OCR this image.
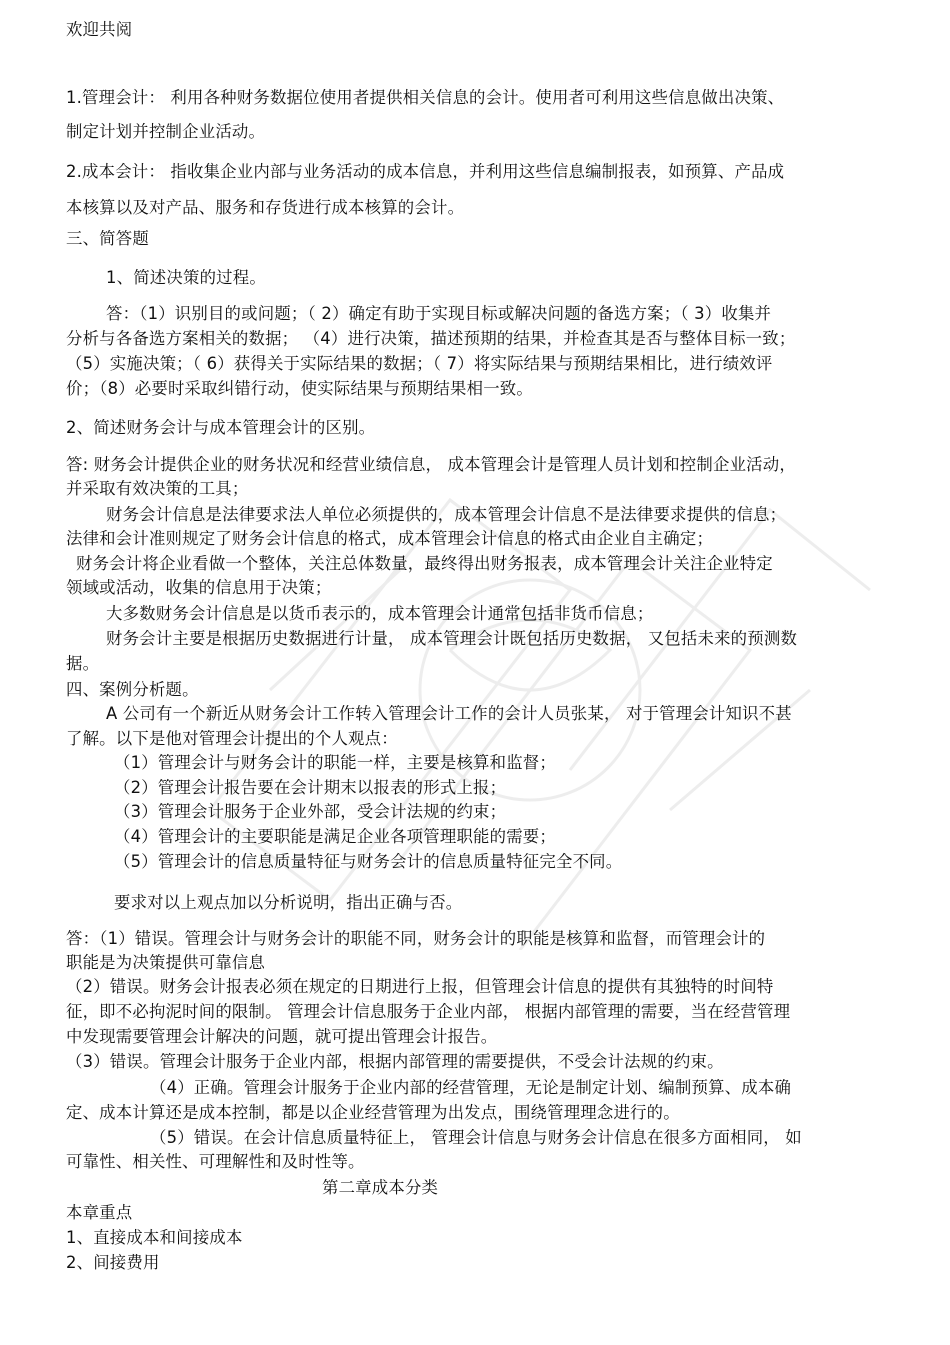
欢迎共阅
1.管理会计： 利用各种财务数据位使用者提供相关信息的会计。使用者可利用这些信息做出决策、
制定计划并控制企业活动。
2.成本会计： 指收集企业内部与业务活动的成本信息，并利用这些信息编制报表，如预算、产品成
本核算以及对产品、服务和存货进行成本核算的会计。
三、简答题
1、简述决策的过程。
答：（1）识别目的或问题；（ 2）确定有助于实现目标或解决问题的备选方案；（ 3）收集并
分析与各备选方案相关的数据； （4）进行决策，描述预期的结果，并检查其是否与整体目标一致；
（5）实施决策；（ 6）获得关于实际结果的数据；（ 7）将实际结果与预期结果相比，进行绩效评
价；（8）必要时采取纠错行动，使实际结果与预期结果相一致。
2、简述财务会计与成本管理会计的区别。
答: 财务会计提供企业的财务状况和经营业绩信息， 成本管理会计是管理人员计划和控制企业活动，
并采取有效决策的工具；
财务会计信息是法律要求法人单位必须提供的，成本管理会计信息不是法律要求提供的信息；
法律和会计准则规定了财务会计信息的格式，成本管理会计信息的格式由企业自主确定；
财务会计将企业看做一个整体，关注总体数量，最终得出财务报表，成本管理会计关注企业特定
领域或活动，收集的信息用于决策；
大多数财务会计信息是以货币表示的，成本管理会计通常包括非货币信息；
财务会计主要是根据历史数据进行计量， 成本管理会计既包括历史数据， 又包括未来的预测数
据。
四、案例分析题。
A 公司有一个新近从财务会计工作转入管理会计工作的会计人员张某， 对于管理会计知识不甚
了解。以下是他对管理会计提出的个人观点：
（1）管理会计与财务会计的职能一样，主要是核算和监督；
（2）管理会计报告要在会计期末以报表的形式上报；
（3）管理会计服务于企业外部，受会计法规的约束；
（4）管理会计的主要职能是满足企业各项管理职能的需要；
（5）管理会计的信息质量特征与财务会计的信息质量特征完全不同。
要求对以上观点加以分析说明，指出正确与否。
答：（1）错误。管理会计与财务会计的职能不同，财务会计的职能是核算和监督，而管理会计的
职能是为决策提供可靠信息
（2）错误。财务会计报表必须在规定的日期进行上报，但管理会计信息的提供有其独特的时间特
征，即不必拘泥时间的限制。 管理会计信息服务于企业内部， 根据内部管理的需要，当在经营管理
中发现需要管理会计解决的问题，就可提出管理会计报告。
（3）错误。管理会计服务于企业内部，根据内部管理的需要提供，不受会计法规的约束。
（4）正确。管理会计服务于企业内部的经营管理，无论是制定计划、编制预算、成本确
定、成本计算还是成本控制，都是以企业经营管理为出发点，围绕管理理念进行的。
（5）错误。在会计信息质量特征上， 管理会计信息与财务会计信息在很多方面相同， 如
可靠性、相关性、可理解性和及时性等。
第二章成本分类
本章重点
1、直接成本和间接成本
2、间接费用
